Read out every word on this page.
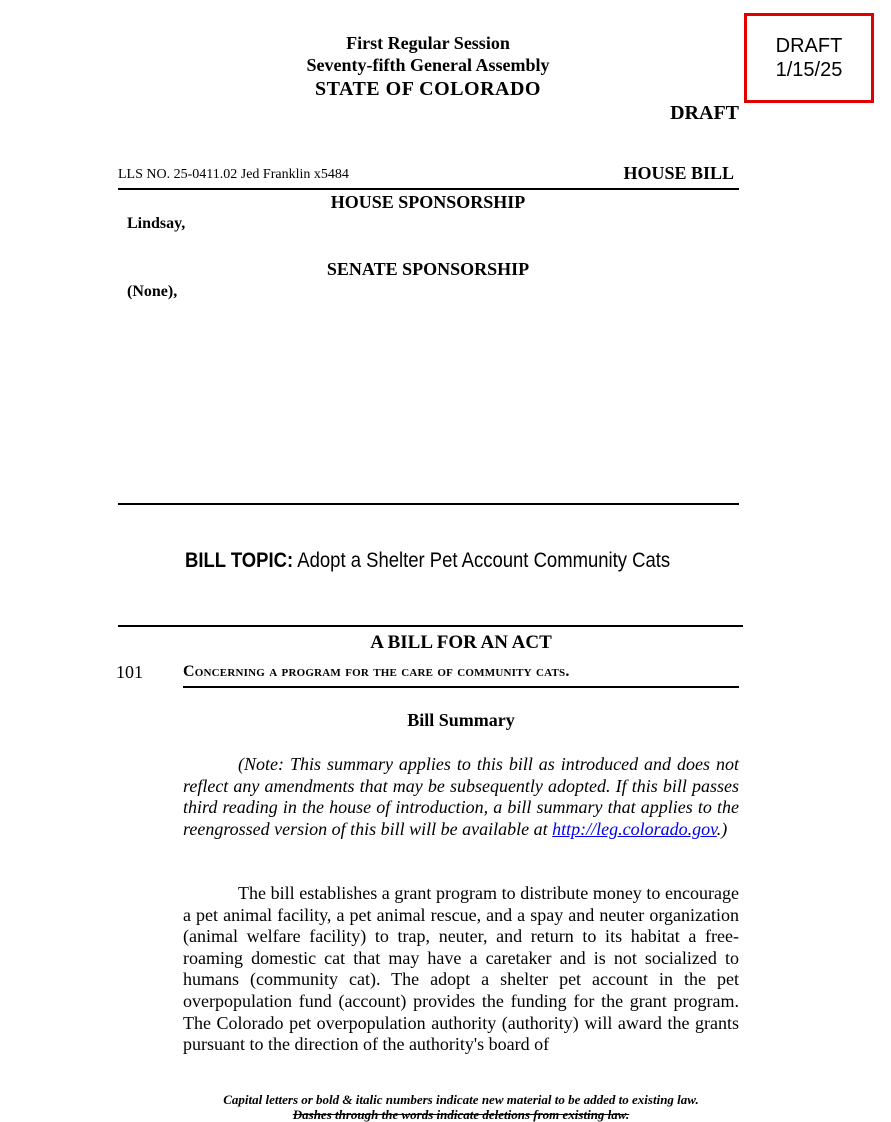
DRAFT
1/15/25
First Regular Session
Seventy-fifth General Assembly
STATE OF COLORADO
DRAFT
LLS NO. 25-0411.02 Jed Franklin x5484	HOUSE BILL
HOUSE SPONSORSHIP
Lindsay,
SENATE SPONSORSHIP
(None),
BILL TOPIC: Adopt a Shelter Pet Account Community Cats
A BILL FOR AN ACT
101	Concerning a program for the care of community cats.
Bill Summary
(Note: This summary applies to this bill as introduced and does not reflect any amendments that may be subsequently adopted. If this bill passes third reading in the house of introduction, a bill summary that applies to the reengrossed version of this bill will be available at http://leg.colorado.gov.)
The bill establishes a grant program to distribute money to encourage a pet animal facility, a pet animal rescue, and a spay and neuter organization (animal welfare facility) to trap, neuter, and return to its habitat a free-roaming domestic cat that may have a caretaker and is not socialized to humans (community cat). The adopt a shelter pet account in the pet overpopulation fund (account) provides the funding for the grant program. The Colorado pet overpopulation authority (authority) will award the grants pursuant to the direction of the authority's board of
Capital letters or bold & italic numbers indicate new material to be added to existing law.
Dashes through the words indicate deletions from existing law.
